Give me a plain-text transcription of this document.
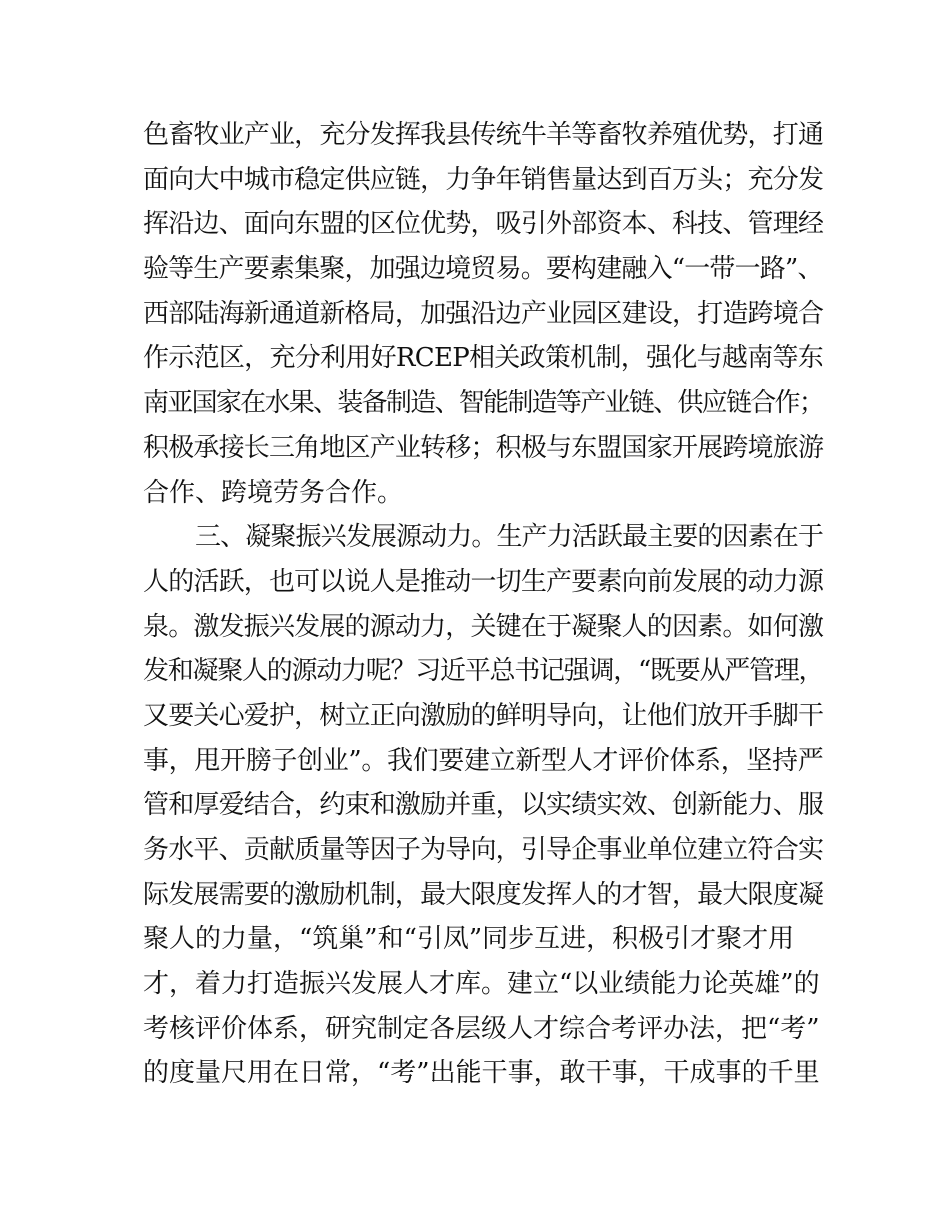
色畜牧业产业，充分发挥我县传统牛羊等畜牧养殖优势，打通
面向大中城市稳定供应链，力争年销售量达到百万头；充分发
挥沿边、面向东盟的区位优势，吸引外部资本、科技、管理经
验等生产要素集聚，加强边境贸易。要构建融入“一带一路”、
西部陆海新通道新格局，加强沿边产业园区建设，打造跨境合
作示范区，充分利用好RCEP相关政策机制，强化与越南等东
南亚国家在水果、装备制造、智能制造等产业链、供应链合作；
积极承接长三角地区产业转移；积极与东盟国家开展跨境旅游
合作、跨境劳务合作。
三、凝聚振兴发展源动力。生产力活跃最主要的因素在于
人的活跃，也可以说人是推动一切生产要素向前发展的动力源
泉。激发振兴发展的源动力，关键在于凝聚人的因素。如何激
发和凝聚人的源动力呢？习近平总书记强调，“既要从严管理，
又要关心爱护，树立正向激励的鲜明导向，让他们放开手脚干
事，甩开膀子创业”。我们要建立新型人才评价体系，坚持严
管和厚爱结合，约束和激励并重，以实绩实效、创新能力、服
务水平、贡献质量等因子为导向，引导企事业单位建立符合实
际发展需要的激励机制，最大限度发挥人的才智，最大限度凝
聚人的力量，“筑巢”和“引凤”同步互进，积极引才聚才用
才，着力打造振兴发展人才库。建立“以业绩能力论英雄”的
考核评价体系，研究制定各层级人才综合考评办法，把“考”
的度量尺用在日常，“考”出能干事，敢干事，干成事的千里
